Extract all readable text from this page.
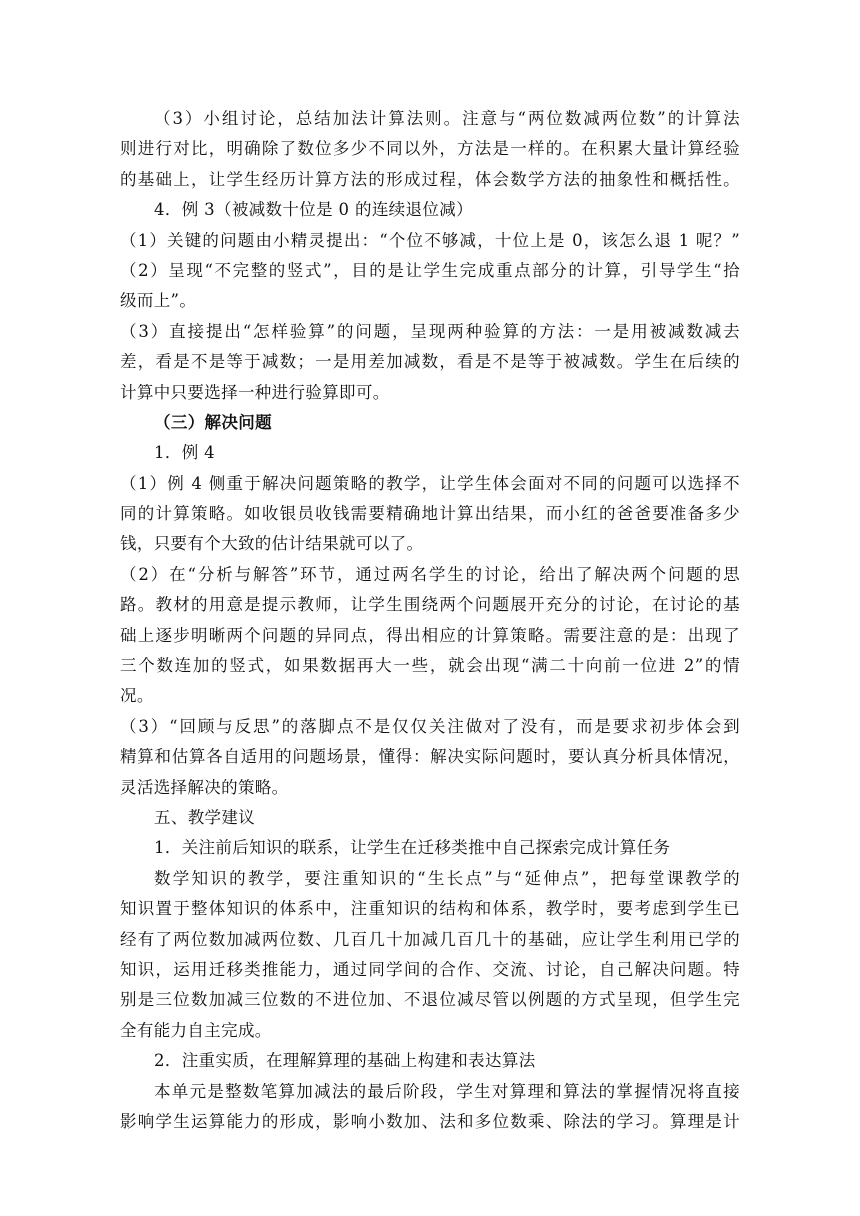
（3）小组讨论，总结加法计算法则。注意与“两位数减两位数”的计算法
则进行对比，明确除了数位多少不同以外，方法是一样的。在积累大量计算经验
的基础上，让学生经历计算方法的形成过程，体会数学方法的抽象性和概括性。
4．例 3（被减数十位是 0 的连续退位减）
（1）关键的问题由小精灵提出：“个位不够减，十位上是 0，该怎么退 1 呢？”
（2）呈现“不完整的竖式”，目的是让学生完成重点部分的计算，引导学生“拾
级而上”。
（3）直接提出“怎样验算”的问题，呈现两种验算的方法：一是用被减数减去
差，看是不是等于减数；一是用差加减数，看是不是等于被减数。学生在后续的
计算中只要选择一种进行验算即可。
（三）解决问题
1．例 4
（1）例 4 侧重于解决问题策略的教学，让学生体会面对不同的问题可以选择不
同的计算策略。如收银员收钱需要精确地计算出结果，而小红的爸爸要准备多少
钱，只要有个大致的估计结果就可以了。
（2）在“分析与解答”环节，通过两名学生的讨论，给出了解决两个问题的思
路。教材的用意是提示教师，让学生围绕两个问题展开充分的讨论，在讨论的基
础上逐步明晰两个问题的异同点，得出相应的计算策略。需要注意的是：出现了
三个数连加的竖式，如果数据再大一些，就会出现“满二十向前一位进 2”的情
况。
（3）“回顾与反思”的落脚点不是仅仅关注做对了没有，而是要求初步体会到
精算和估算各自适用的问题场景，懂得：解决实际问题时，要认真分析具体情况，
灵活选择解决的策略。
五、教学建议
1．关注前后知识的联系，让学生在迁移类推中自己探索完成计算任务
数学知识的教学，要注重知识的“生长点”与“延伸点”，把每堂课教学的
知识置于整体知识的体系中，注重知识的结构和体系，教学时，要考虑到学生已
经有了两位数加减两位数、几百几十加减几百几十的基础，应让学生利用已学的
知识，运用迁移类推能力，通过同学间的合作、交流、讨论，自己解决问题。特
别是三位数加减三位数的不进位加、不退位减尽管以例题的方式呈现，但学生完
全有能力自主完成。
2．注重实质，在理解算理的基础上构建和表达算法
本单元是整数笔算加减法的最后阶段，学生对算理和算法的掌握情况将直接
影响学生运算能力的形成，影响小数加、法和多位数乘、除法的学习。算理是计
